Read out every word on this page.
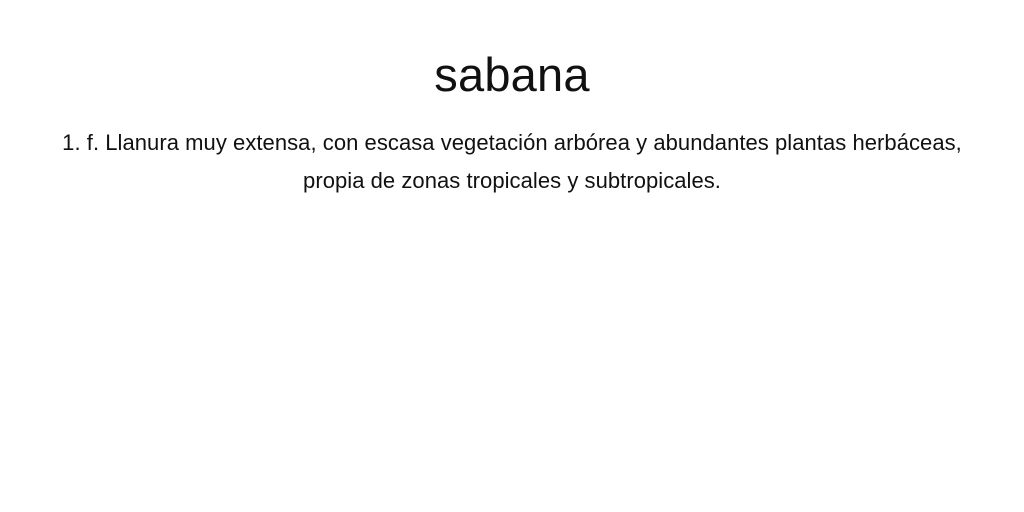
sabana

1. f. Llanura muy extensa, con escasa vegetación arbórea y abundantes plantas herbáceas, propia de zonas tropicales y subtropicales.
